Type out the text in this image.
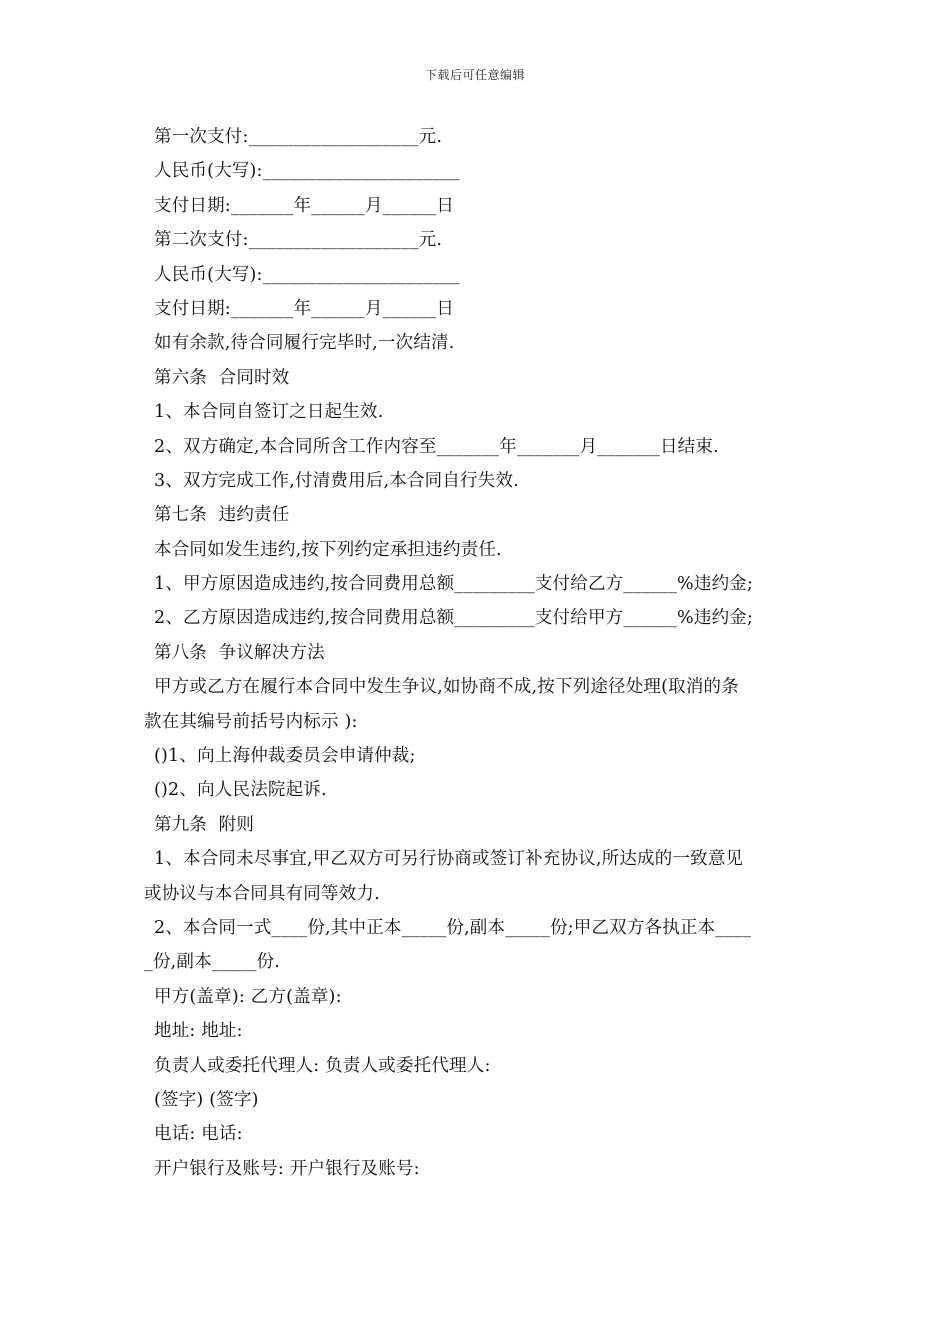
下载后可任意编辑
第一次支付:___________________元.
人民币(大写):______________________
支付日期:_______年______月______日
第二次支付:___________________元.
人民币(大写):______________________
支付日期:_______年______月______日
如有余款,待合同履行完毕时,一次结清.
第六条  合同时效
1、本合同自签订之日起生效.
2、双方确定,本合同所含工作内容至_______年_______月_______日结束.
3、双方完成工作,付清费用后,本合同自行失效.
第七条  违约责任
本合同如发生违约,按下列约定承担违约责任.
1、甲方原因造成违约,按合同费用总额_________支付给乙方______%违约金;
2、乙方原因造成违约,按合同费用总额_________支付给甲方______%违约金;
第八条  争议解决方法
甲方或乙方在履行本合同中发生争议,如协商不成,按下列途径处理(取消的条
款在其编号前括号内标示 ):
()1、向上海仲裁委员会申请仲裁;
()2、向人民法院起诉.
第九条  附则
1、本合同未尽事宜,甲乙双方可另行协商或签订补充协议,所达成的一致意见
或协议与本合同具有同等效力.
2、本合同一式____份,其中正本_____份,副本_____份;甲乙双方各执正本____
_份,副本_____份.
甲方(盖章): 乙方(盖章):
地址: 地址:
负责人或委托代理人: 负责人或委托代理人:
(签字) (签字)
电话: 电话:
开户银行及账号: 开户银行及账号:
